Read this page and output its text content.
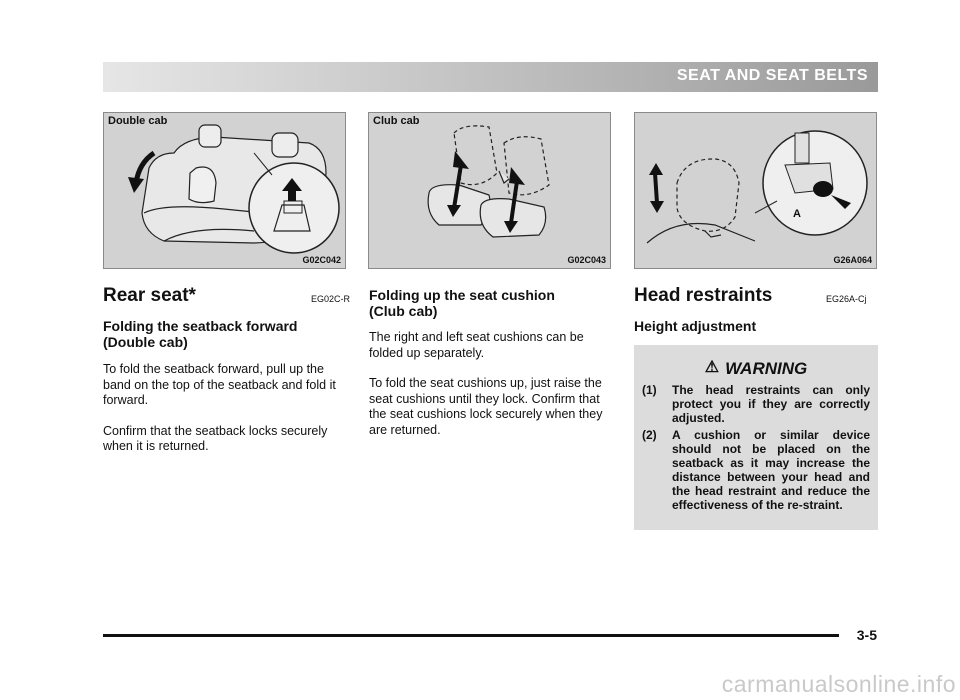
SEAT AND SEAT BELTS
Double cab
G02C042
Club cab
G02C043
A
G26A064
Rear seat*	EG02C-R
Folding the seatback forward
(Double cab)

To fold the seatback forward, pull up the band on the top of the seatback and fold it forward.

Confirm that the seatback locks securely when it is returned.

Folding up the seat cushion
(Club cab)

The right and left seat cushions can be folded up separately.

To fold the seat cushions up, just raise the seat cushions until they lock. Confirm that the seat cushions lock securely when they are returned.

Head restraints	EG26A-Cj
Height adjustment
⚠ WARNING
(1)	The head restraints can only protect you if they are correctly adjusted.
(2)	A cushion or similar device should not be placed on the seatback as it may increase the distance between your head and the head restraint and reduce the effectiveness of the re-straint.
3-5
carmanualsonline.info
